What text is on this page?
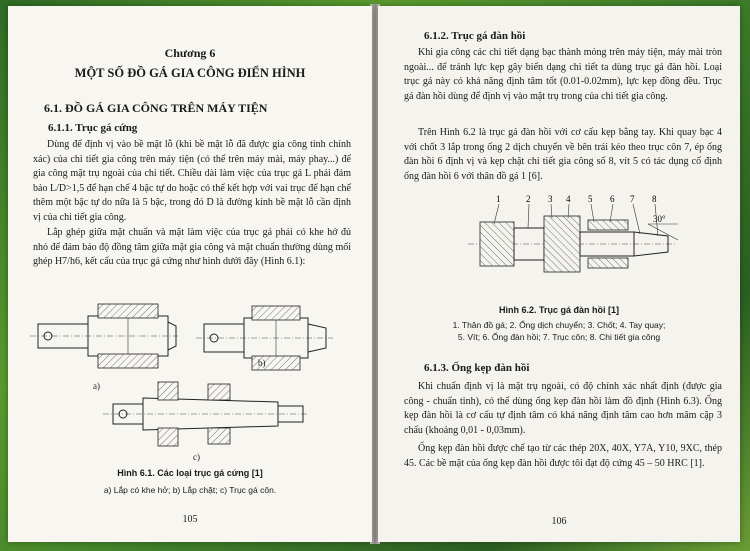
Chương 6
MỘT SỐ ĐỒ GÁ GIA CÔNG ĐIỂN HÌNH
6.1. ĐỒ GÁ GIA CÔNG TRÊN MÁY TIỆN
6.1.1. Trục gá cứng

Dùng để định vị vào bề mặt lỗ (khi bề mặt lỗ đã được gia công tinh chính xác) của chi tiết gia công trên máy tiện (có thể trên máy mài, máy phay...) để gia công mặt trụ ngoài của chi tiết. Chiều dài làm việc của trục gá L phải đảm bảo L/D>1,5 để hạn chế 4 bậc tự do hoặc có thể kết hợp với vai trục để hạn chế thêm một bậc tự do nữa là 5 bậc, trong đó D là đường kính bề mặt lỗ cần định vị của chi tiết gia công.

Lắp ghép giữa mặt chuẩn và mặt làm việc của trục gá phải có khe hở đủ nhỏ để đảm bảo độ đồng tâm giữa mặt gia công và mặt chuẩn thường dùng mối ghép H7/h6, kết cấu của trục gá cứng như hình dưới đây (Hình 6.1):

a)
b)
c)
Hình 6.1. Các loại trục gá cứng [1]
a) Lắp có khe hở; b) Lắp chặt; c) Trục gá côn.
105
6.1.2. Trục gá đàn hồi

Khi gia công các chi tiết dạng bạc thành mỏng trên máy tiện, máy mài tròn ngoài... để tránh lực kẹp gây biến dạng chi tiết ta dùng trục gá đàn hồi. Loại trục gá này có khả năng định tâm tốt (0.01-0.02mm), lực kẹp đồng đều. Trục gá đàn hồi dùng để định vị vào mặt trụ trong của chi tiết gia công.

Trên Hình 6.2 là trục gá đàn hồi với cơ cấu kẹp bằng tay. Khi quay bạc 4 với chốt 3 lắp trong ống 2 dịch chuyển về bên trái kéo theo trục côn 7, ép ống đàn hồi 6 định vị và kẹp chặt chi tiết gia công số 8, vít 5 có tác dụng cố định ống đàn hồi 6 với thân đồ gá 1 [6].

30°
1	2 3 4 5 6 7 8
Hình 6.2. Trục gá đàn hồi [1]
1. Thân đồ gá; 2. Ống dịch chuyển; 3. Chốt; 4. Tay quay;
5. Vít; 6. Ống đàn hồi; 7. Trục côn; 8. Chi tiết gia công
6.1.3. Ống kẹp đàn hồi

Khi chuẩn định vị là mặt trụ ngoài, có độ chính xác nhất định (được gia công - chuẩn tinh), có thể dùng ống kẹp đàn hồi làm đồ định (Hình 6.3). Ống kẹp đàn hồi là cơ cấu tự định tâm có khả năng định tâm cao hơn mâm cặp 3 chấu (khoảng 0,01 - 0,03mm).

Ống kẹp đàn hồi được chế tạo từ các thép 20X, 40X, Y7A, Y10, 9XC, thép 45. Các bề mặt của ống kẹp đàn hồi được tôi đạt độ cứng 45 – 50 HRC [1].

106
